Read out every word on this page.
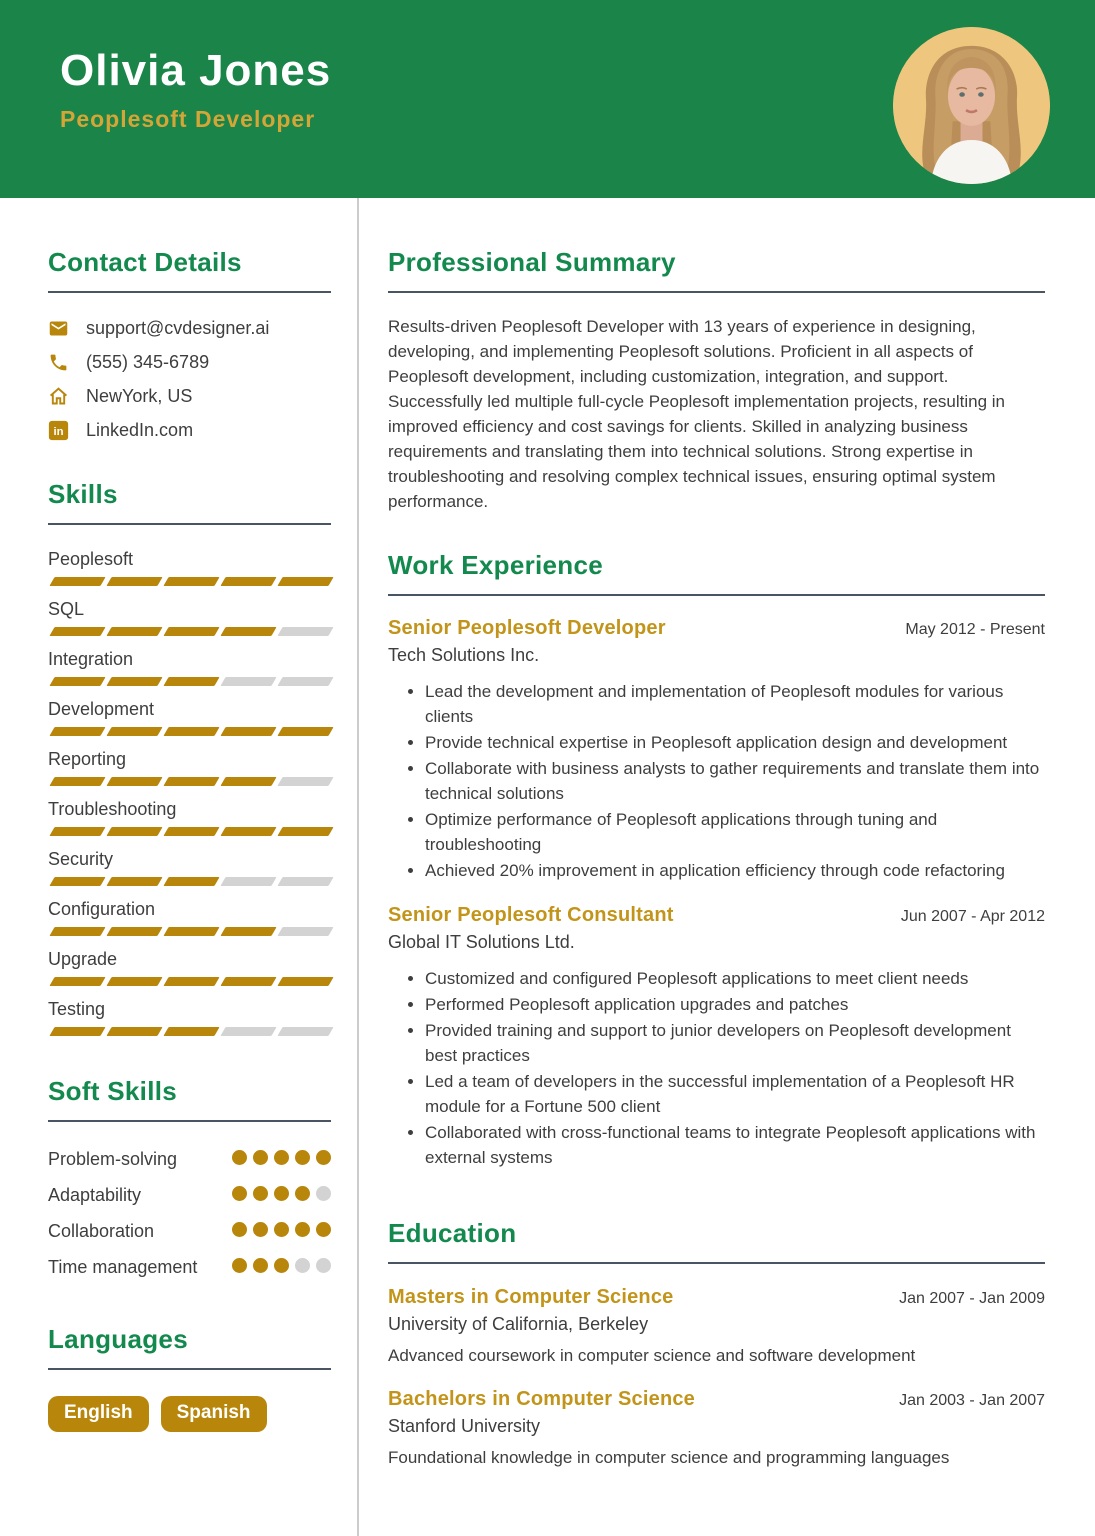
Olivia Jones
Peoplesoft Developer
Contact Details
support@cvdesigner.ai
(555) 345-6789
NewYork, US
in LinkedIn.com
Skills
Peoplesoft
SQL
Integration
Development
Reporting
Troubleshooting
Security
Configuration
Upgrade
Testing
Soft Skills
Problem-solving
Adaptability
Collaboration
Time management
Languages
English	Spanish
Professional Summary

Results-driven Peoplesoft Developer with 13 years of experience in designing, developing, and implementing Peoplesoft solutions. Proficient in all aspects of Peoplesoft development, including customization, integration, and support. Successfully led multiple full-cycle Peoplesoft implementation projects, resulting in improved efficiency and cost savings for clients. Skilled in analyzing business requirements and translating them into technical solutions. Strong expertise in troubleshooting and resolving complex technical issues, ensuring optimal system performance.

Work Experience
Senior Peoplesoft Developer	May 2012 - Present
Tech Solutions Inc.
• Lead the development and implementation of Peoplesoft modules for various clients
• Provide technical expertise in Peoplesoft application design and development
• Collaborate with business analysts to gather requirements and translate them into technical solutions
• Optimize performance of Peoplesoft applications through tuning and troubleshooting
• Achieved 20% improvement in application efficiency through code refactoring
Senior Peoplesoft Consultant	Jun 2007 - Apr 2012
Global IT Solutions Ltd.
• Customized and configured Peoplesoft applications to meet client needs
• Performed Peoplesoft application upgrades and patches
• Provided training and support to junior developers on Peoplesoft development best practices
• Led a team of developers in the successful implementation of a Peoplesoft HR module for a Fortune 500 client
• Collaborated with cross-functional teams to integrate Peoplesoft applications with external systems
Education
Masters in Computer Science	Jan 2007 - Jan 2009
University of California, Berkeley
Advanced coursework in computer science and software development
Bachelors in Computer Science	Jan 2003 - Jan 2007
Stanford University
Foundational knowledge in computer science and programming languages
